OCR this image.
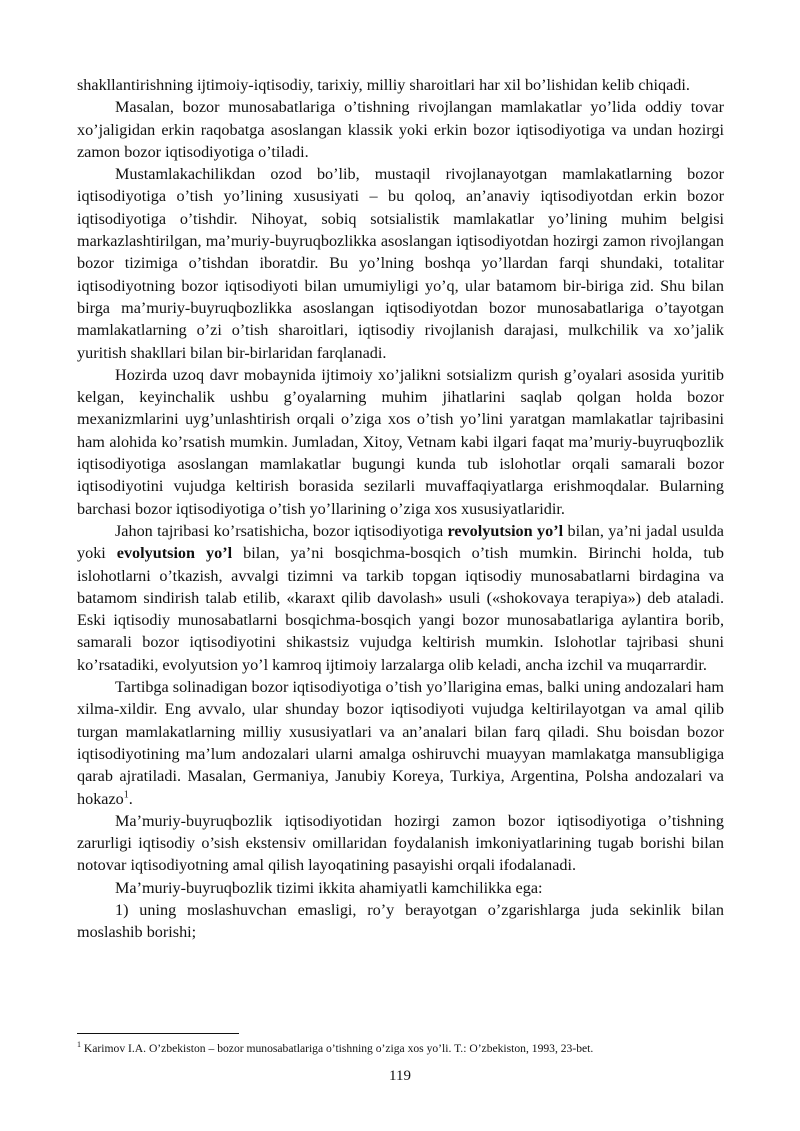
shakllantirishning ijtimoiy-iqtisodiy, tarixiy, milliy sharoitlari har xil bo’lishidan kelib chiqadi.

Masalan, bozor munosabatlariga o’tishning rivojlangan mamlakatlar yo’lida oddiy tovar xo’jaligidan erkin raqobatga asoslangan klassik yoki erkin bozor iqtisodiyotiga va undan hozirgi zamon bozor iqtisodiyotiga o’tiladi.

Mustamlakachilikdan ozod bo’lib, mustaqil rivojlanayotgan mamlakatlarning bozor iqtisodiyotiga o’tish yo’lining xususiyati – bu qoloq, an’anaviy iqtisodiyotdan erkin bozor iqtisodiyotiga o’tishdir. Nihoyat, sobiq sotsialistik mamlakatlar yo’lining muhim belgisi markazlashtirilgan, ma’muriy-buyruqbozlikka asoslangan iqtisodiyotdan hozirgi zamon rivojlangan bozor tizimiga o’tishdan iboratdir. Bu yo’lning boshqa yo’llardan farqi shundaki, totalitar iqtisodiyotning bozor iqtisodiyoti bilan umumiyligi yo’q, ular batamom bir-biriga zid. Shu bilan birga ma’muriy-buyruqbozlikka asoslangan iqtisodiyotdan bozor munosabatlariga o’tayotgan mamlakatlarning o’zi o’tish sharoitlari, iqtisodiy rivojlanish darajasi, mulkchilik va xo’jalik yuritish shakllari bilan bir-birlaridan farqlanadi.

Hozirda uzoq davr mobaynida ijtimoiy xo’jalikni sotsializm qurish g’oyalari asosida yuritib kelgan, keyinchalik ushbu g’oyalarning muhim jihatlarini saqlab qolgan holda bozor mexanizmlarini uyg’unlashtirish orqali o’ziga xos o’tish yo’lini yaratgan mamlakatlar tajribasini ham alohida ko’rsatish mumkin. Jumladan, Xitoy, Vetnam kabi ilgari faqat ma’muriy-buyruqbozlik iqtisodiyotiga asoslangan mamlakatlar bugungi kunda tub islohotlar orqali samarali bozor iqtisodiyotini vujudga keltirish borasida sezilarli muvaffaqiyatlarga erishmoqdalar. Bularning barchasi bozor iqtisodiyotiga o’tish yo’llarining o’ziga xos xususiyatlaridir.

Jahon tajribasi ko’rsatishicha, bozor iqtisodiyotiga revolyutsion yo’l bilan, ya’ni jadal usulda yoki evolyutsion yo’l bilan, ya’ni bosqichma-bosqich o’tish mumkin. Birinchi holda, tub islohotlarni o’tkazish, avvalgi tizimni va tarkib topgan iqtisodiy munosabatlarni birdagina va batamom sindirish talab etilib, «karaxt qilib davolash» usuli («shokovaya terapiya») deb ataladi. Eski iqtisodiy munosabatlarni bosqichma-bosqich yangi bozor munosabatlariga aylantira borib, samarali bozor iqtisodiyotini shikastsiz vujudga keltirish mumkin. Islohotlar tajribasi shuni ko’rsatadiki, evolyutsion yo’l kamroq ijtimoiy larzalarga olib keladi, ancha izchil va muqarrardir.

Tartibga solinadigan bozor iqtisodiyotiga o’tish yo’llarigina emas, balki uning andozalari ham xilma-xildir. Eng avvalo, ular shunday bozor iqtisodiyoti vujudga keltirilayotgan va amal qilib turgan mamlakatlarning milliy xususiyatlari va an’analari bilan farq qiladi. Shu boisdan bozor iqtisodiyotining ma’lum andozalari ularni amalga oshiruvchi muayyan mamlakatga mansubligiga qarab ajratiladi. Masalan, Germaniya, Janubiy Koreya, Turkiya, Argentina, Polsha andozalari va hokazo$^1$.

Ma’muriy-buyruqbozlik iqtisodiyotidan hozirgi zamon bozor iqtisodiyotiga o’tishning zarurligi iqtisodiy o’sish ekstensiv omillaridan foydalanish imkoniyatlarining tugab borishi bilan notovar iqtisodiyotning amal qilish layoqatining pasayishi orqali ifodalanadi.

Ma’muriy-buyruqbozlik tizimi ikkita ahamiyatli kamchilikka ega:

1) uning moslashuvchan emasligi, ro’y berayotgan o’zgarishlarga juda sekinlik bilan moslashib borishi;

$^1$ Karimov I.A. O’zbekiston – bozor munosabatlariga o’tishning o’ziga xos yo’li. T.: O’zbekiston, 1993, 23-bet.
119
